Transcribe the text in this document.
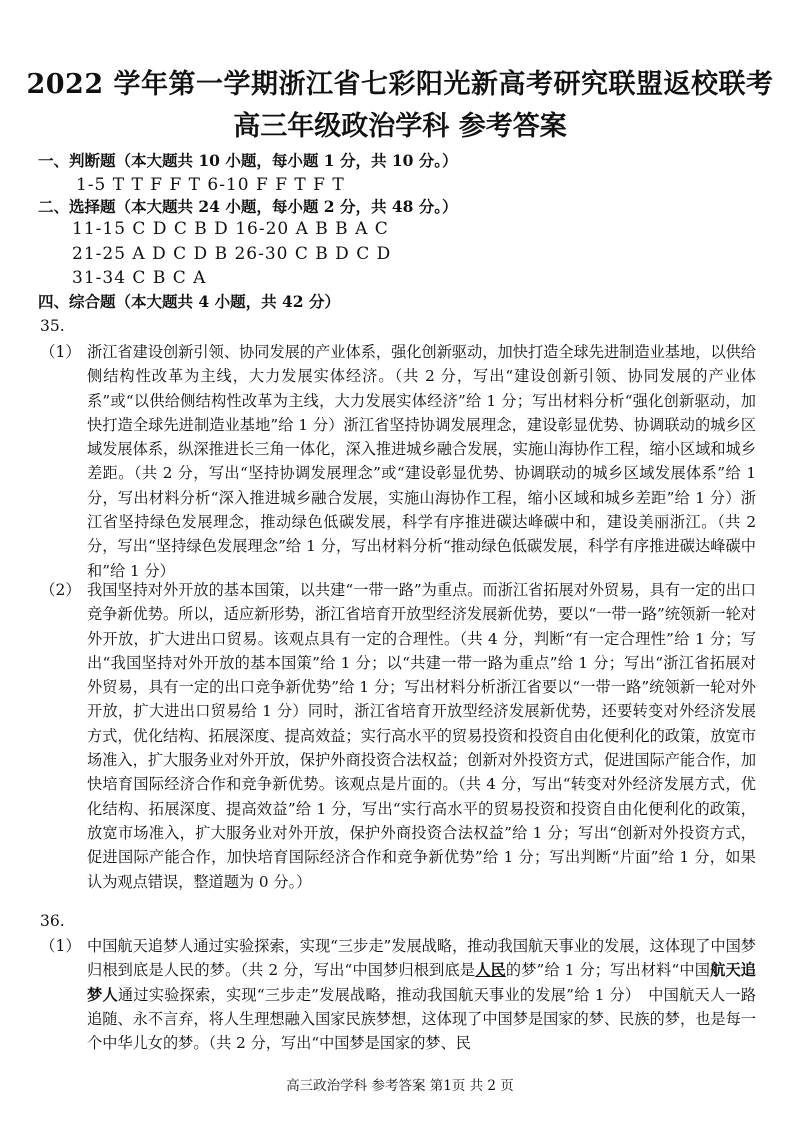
2022 学年第一学期浙江省七彩阳光新高考研究联盟返校联考
高三年级政治学科 参考答案
一、判断题（本大题共 10 小题，每小题 1 分，共 10 分。）
1-5 T T F F T 6-10 F F T F T
二、选择题（本大题共 24 小题，每小题 2 分，共 48 分。）
11-15 C D C B D 16-20 A B B A C
21-25 A D C D B 26-30 C B D C D
31-34 C B C A
四、综合题（本大题共 4 小题，共 42 分）
35.
（1） 浙江省建设创新引领、协同发展的产业体系，强化创新驱动，加快打造全球先进制造业基地，以供给侧结构性改革为主线，大力发展实体经济。（共 2 分，写出“建设创新引领、协同发展的产业体系”或“以供给侧结构性改革为主线，大力发展实体经济”给 1 分；写出材料分析“强化创新驱动，加快打造全球先进制造业基地”给 1 分）浙江省坚持协调发展理念，建设彰显优势、协调联动的城乡区域发展体系，纵深推进长三角一体化，深入推进城乡融合发展，实施山海协作工程，缩小区域和城乡差距。（共 2 分，写出“坚持协调发展理念”或“建设彰显优势、协调联动的城乡区域发展体系”给 1 分，写出材料分析“深入推进城乡融合发展，实施山海协作工程，缩小区域和城乡差距”给 1 分）浙江省坚持绿色发展理念，推动绿色低碳发展，科学有序推进碳达峰碳中和，建设美丽浙江。（共 2 分，写出“坚持绿色发展理念”给 1 分，写出材料分析“推动绿色低碳发展，科学有序推进碳达峰碳中和”给 1 分）
（2） 我国坚持对外开放的基本国策，以共建“一带一路”为重点。而浙江省拓展对外贸易，具有一定的出口竞争新优势。所以，适应新形势，浙江省培育开放型经济发展新优势，要以“一带一路”统领新一轮对外开放，扩大进出口贸易。该观点具有一定的合理性。（共 4 分，判断“有一定合理性”给 1 分；写出“我国坚持对外开放的基本国策”给 1 分；以“共建一带一路为重点”给 1 分；写出“浙江省拓展对外贸易，具有一定的出口竞争新优势”给 1 分；写出材料分析浙江省要以“一带一路”统领新一轮对外开放，扩大进出口贸易给 1 分）同时，浙江省培育开放型经济发展新优势，还要转变对外经济发展方式，优化结构、拓展深度、提高效益；实行高水平的贸易投资和投资自由化便利化的政策，放宽市场准入，扩大服务业对外开放，保护外商投资合法权益；创新对外投资方式，促进国际产能合作，加快培育国际经济合作和竞争新优势。该观点是片面的。（共 4 分，写出“转变对外经济发展方式，优化结构、拓展深度、提高效益”给 1 分，写出“实行高水平的贸易投资和投资自由化便利化的政策，放宽市场准入，扩大服务业对外开放，保护外商投资合法权益”给 1 分；写出“创新对外投资方式，促进国际产能合作，加快培育国际经济合作和竞争新优势”给 1 分；写出判断“片面”给 1 分，如果认为观点错误，整道题为 0 分。）
36.
（1） 中国航天追梦人通过实验探索，实现“三步走”发展战略，推动我国航天事业的发展，这体现了中国梦归根到底是人民的梦。（共 2 分，写出“中国梦归根到底是人民的梦”给 1 分；写出材料“中国航天追梦人通过实验探索，实现“三步走”发展战略，推动我国航天事业的发展”给 1 分）　中国航天人一路追随、永不言弃，将人生理想融入国家民族梦想，这体现了中国梦是国家的梦、民族的梦，也是每一个中华儿女的梦。（共 2 分，写出“中国梦是国家的梦、民
高三政治学科 参考答案 第1页 共 2 页
